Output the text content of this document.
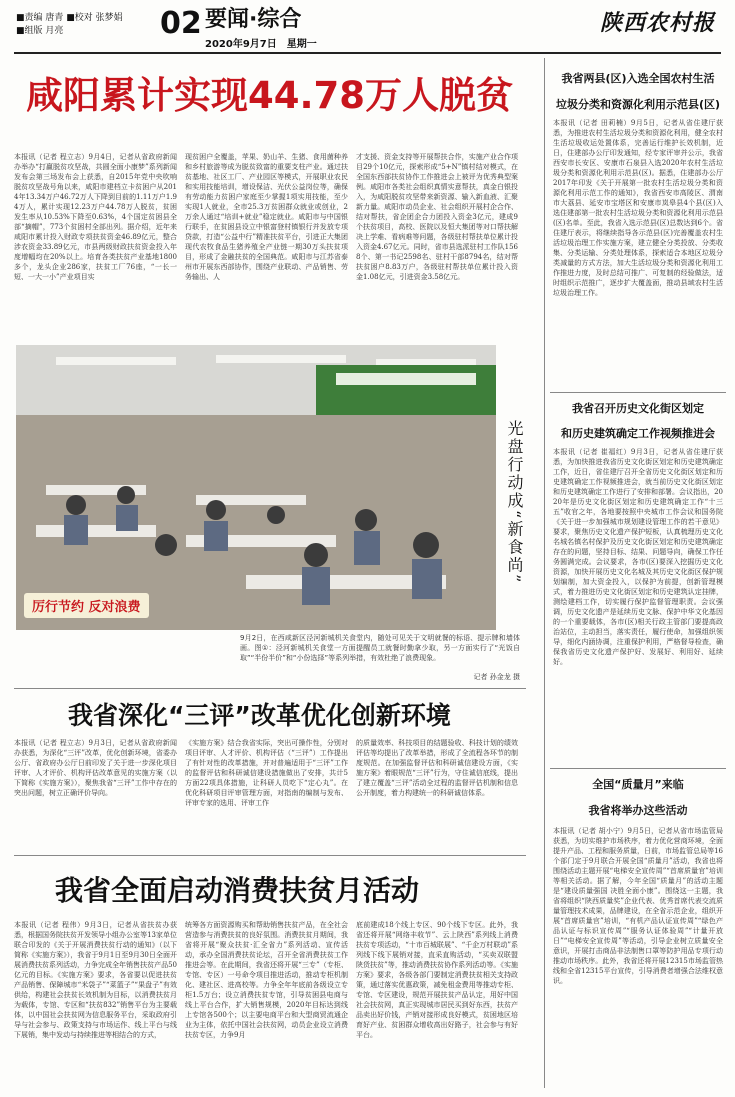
■责编 唐青 ■校对 张梦娟
■组版 月亮	02 要闻·综合
2020年9月7日　星期一
陕西农村报
咸阳累计实现44.78万人脱贫
本报讯（记者 程立志）9月4日，记者从省政府新闻办举办“打赢脱贫攻坚战，共圆全面小康梦”系列新闻发布会第三场发布会上获悉，自2015年党中央吹响脱贫攻坚战号角以来，咸阳市建档立卡贫困户从2014年13.34万户46.72万人下降到目前的1.11万户1.94万人，累计实现12.23万户44.78万人脱贫，贫困发生率从10.53%下降至0.63%，4个国定贫困县全部“摘帽”，773个贫困村全部出列。据介绍，近年来咸阳市累计投入财政专项扶贫资金46.89亿元，整合涉农资金33.89亿元，市县两级财政扶贫资金投入年度增幅均在20%以上。培育各类扶贫产业基地1800多个，龙头企业286家，扶贫工厂76座，“一长一短、一大一小”产业项目实
现贫困户全覆盖，苹果、奶山羊、生猪、食用菌种养和乡村旅游等成为脱贫致富的重要支柱产业。通过扶贫基地、社区工厂、产业园区等模式，开展职业农民和实用技能培训，增设保洁、光伏公益岗位等，确保有劳动能力贫困户家庭至少掌握1项实用技能，至少实现1人就业，全市25.3万贫困群众就业或创业，2万余人通过“培训+就业”稳定就业。咸阳市与中国银行联手，在贫困县设立中银富登村镇银行并发放专项贷款，打造“公益中行”精准扶贫平台，引进正大集团现代农牧食品生猪养殖全产业链一期30万头扶贫项目，形成了金融扶贫的全国典范。咸阳市与江苏省泰州市开展东西部协作，围绕产业联动、产品销售、劳务输出、人
才支援、资金支持等开展帮扶合作，实施产业合作项目29个10亿元，探索形成“5+N”镇村结对模式，在全国东西部扶贫协作工作推进会上被评为优秀典型案例。咸阳市各类社会组织真情实意帮扶，真金白银投入，为咸阳脱贫攻坚带来新资源、输入新血液、汇聚新力量。咸阳市动员企业、社会组织开展村企合作、结对帮扶，省企团企合力团投入资金3亿元，建成9个扶贫项目，高校、医院以及恒大集团等对口帮扶解决上学难、看病难等问题，各级驻村帮扶单位累计投入资金4.67亿元。同时，省市县选派驻村工作队1568个、第一书记2598名、驻村干部8794名，结对帮扶贫困户8.83万户，各级驻村帮扶单位累计投入资金1.08亿元，引进资金3.58亿元。
厉行节约 反对浪费
光盘行动成“新食尚”
9月2日，在西咸新区泾河新城机关食堂内，随处可见关于文明就餐的标语、提示牌和墙体画。图①：泾河新城机关食堂一方面提醒员工就餐时勤拿少取，另一方面实行了“光饭自取”“半份半价”和“小份选择”等系列举措，有效杜绝了浪费现象。
记者 孙金龙 摄
我省深化“三评”改革优化创新环境
本报讯（记者 程立志）9月3日，记者从省政府新闻办获悉，为深化“三评”改革，优化创新环境，省委办公厅、省政府办公厅日前印发了关于进一步深化项目评审、人才评价、机构评估改革意见的实施方案（以下简称《实施方案》），聚焦我省“三评”工作中存在的突出问题，树立正确评价导向。
《实施方案》结合我省实际，突出可操作性，分别对项目评审、人才评价、机构评估（“三评”）工作提出了有针对性的改革措施，并对普遍适用于“三评”工作的监督评估和科研诚信建设措施做出了安排，共计5方面22项具体措施，让科研人员吃下“定心丸”。在优化科研项目评审管理方面，对指南的编制与发布、评审专家的选用、评审工作
的质量效率、科技项目的结题验收、科技计划的绩效评估等均提出了改革举措，形成了全流程各环节的制度规范。在加强监督评估和科研诚信建设方面，《实施方案》着眼规范“三评”行为，守住诚信底线，提出了建立覆盖“三评”活动全过程的监督评估机制和信息公开制度，着力构建统一的科研诚信体系。
我省全面启动消费扶贫月活动
本报讯（记者 程伟）9月3日，记者从省扶贫办获悉，根据国务院扶贫开发领导小组办公室等13家单位联合印发的《关于开展消费扶贫行动的通知》（以下简称《实施方案》），我省于9月1日至9月30日全面开展消费扶贫系列活动，力争完成全年销售扶贫产品50亿元的目标。《实施方案》要求，各省要以促进扶贫产品销售、保障城市“米袋子”“菜篮子”“果盘子”有效供给，构建社会扶贫长效机制为目标，以消费扶贫月为载体，专馆、专区和“扶贫832”销售平台为主要载体，以中国社会扶贫网为信息服务平台，采取政府引导与社会参与、政策支持与市场运作、线上平台与线下展销，集中发动与持续推进等相结合的方式，
统筹各方面资源购买和帮助销售扶贫产品，在全社会营造参与消费扶贫的良好氛围。消费扶贫月期间，我省将开展“聚众扶贫·汇全省力”系列活动、宣传活动，承办全国消费扶贫论坛，召开全省消费扶贫工作推进会等。在此期间，我省还将开展“三专”（专柜、专馆、专区）一号命令项目推进活动，推动专柜机制化、建社区、进高校等。力争全年年底前各级设立专柜1.5万台；设立消费扶贫专馆，引导贫困县电商与线上平台合作，扩大销售规模，2020年目标达到线上专馆各500个；以主要电商平台和大型商贸流通企业为主体，依托中国社会扶贫网，动员企业设立消费扶贫专区，力争9月
底前建成18个线上专区、90个线下专区。此外，我省还将开展“网络丰收节”、云上陕西”系列线上消费扶贫专项活动，“十市百城联展”、“千企万村联动”系列线下线下展销对接，直采直购活动，“买卖双联盟 陕货扶贫”等，推动消费扶贫协作系列活动等。《实施方案》要求，各级各部门要制定消费扶贫相关支持政策，通过落实优惠政策，减免租金费用等推动专柜、专馆、专区建设，规范开展扶贫产品认定，用好中国社会扶贫网，真正实现城市居民买到好东西，扶贫产品卖出好价钱，产销对接形成良好模式，贫困地区培育好产业、贫困群众增收高出好路子，社会参与有好平台。
我省两县(区)入选全国农村生活
垃圾分类和资源化利用示范县(区)
本报讯（记者 田莉楠）9月5日，记者从省住建厅获悉，为推进农村生活垃圾分类和资源化利用，健全农村生活垃圾收运处置体系，完善运行维护长效机制，近日，住建部办公厅印发通知，经专家评审并公示，我省西安市长安区、安康市石泉县入选2020年农村生活垃圾分类和资源化利用示范县(区)。据悉，住建部办公厅2017年印发《关于开展第一批农村生活垃圾分类和资源化利用示范工作的通知》，我省西安市高陵区、渭南市大荔县、延安市宝塔区和安康市岚皋县4个县(区)入选住建部第一批农村生活垃圾分类和资源化利用示范县(区)名单。至此，我省入选示范县(区)总数达到6个。省住建厅表示，将继续指导各示范县(区)完善覆盖农村生活垃圾治理工作实施方案，建立健全分类投放、分类收集、分类运输、分类处理体系，探索适合本地区垃圾分类减量的方式方法，加大生活垃圾分类和资源化利用工作推进力度，及时总结可推广、可复制的经验做法，适时组织示范推广，逐步扩大覆盖面，推动县域农村生活垃圾治理工作。
我省召开历史文化街区划定
和历史建筑确定工作视频推进会
本报讯（记者 崔福红）9月3日，记者从省住建厅获悉，为加快推进我省历史文化街区划定和历史建筑确定工作，近日，省住建厅召开全省历史文化街区划定和历史建筑确定工作视频推进会，就当前历史文化街区划定和历史建筑确定工作进行了安排和部署。会议指出，2020年是历史文化街区划定和历史建筑确定工作“十三五”收官之年，各地要按照中央城市工作会议和国务院《关于进一步加强城市规划建设管理工作的若干意见》要求，聚焦历史文化遗产保护短板，认真梳理历史文化名城名镇名村保护及历史文化街区划定和历史建筑确定存在的问题，坚持目标、结果、问题导向，确保工作任务圆满完成。会议要求，各市(区)要深入挖掘历史文化资源，加快开展历史文化名城及其历史文化街区保护规划编制，加大资金投入，以保护为前提，创新管理模式，着力推进历史文化街区划定和历史建筑认定挂牌，测绘建档工作，切实履行保护监督管理职责。会议强调，历史文化遗产是延续历史文脉、保护中华文化基因的一个重要载体，各市(区)相关行政主管部门要提高政治站位，主动担当，落实责任，履行使命，加强组织领导，细化内涵协调，注重保护利用，严格督导检查，确保我省历史文化遗产保护好、发展好、利用好、延续好。
全国“质量月”来临
我省将举办这些活动
本报讯（记者 胡小宁）9月5日，记者从省市场监管局获悉，为切实维护市场秩序，着力优化营商环境，全面提升产品、工程和服务质量，日前，市场监管总局等16个部门定于9月联合开展全国“质量月”活动，我省也将围绕活动主题开展“电梯安全宣传周”“首席质量官”培训等相关活动。据了解，今年全国“质量月”的活动主题是“建设质量强国 决胜全面小康”。围绕这一主题，我省将组织“陕西质量奖”企业代表、优秀首席代表交流质量管理技术成果，品牌建设，在全省示范企业，组织开展“首席质量官”培训，“有机产品认证宣传周”“绿色产品认证与标识宣传周”“服务认证体验周”“计量开放日”“电梯安全宣传周”等活动，引导企业树立质量安全意识，开展打击商品非法制售口罩等防护用品专项行动推动市场秩序。此外，我省还将开展12315市场监管热线和全省12315平台宣传，引导消费者增强合法维权意识。
